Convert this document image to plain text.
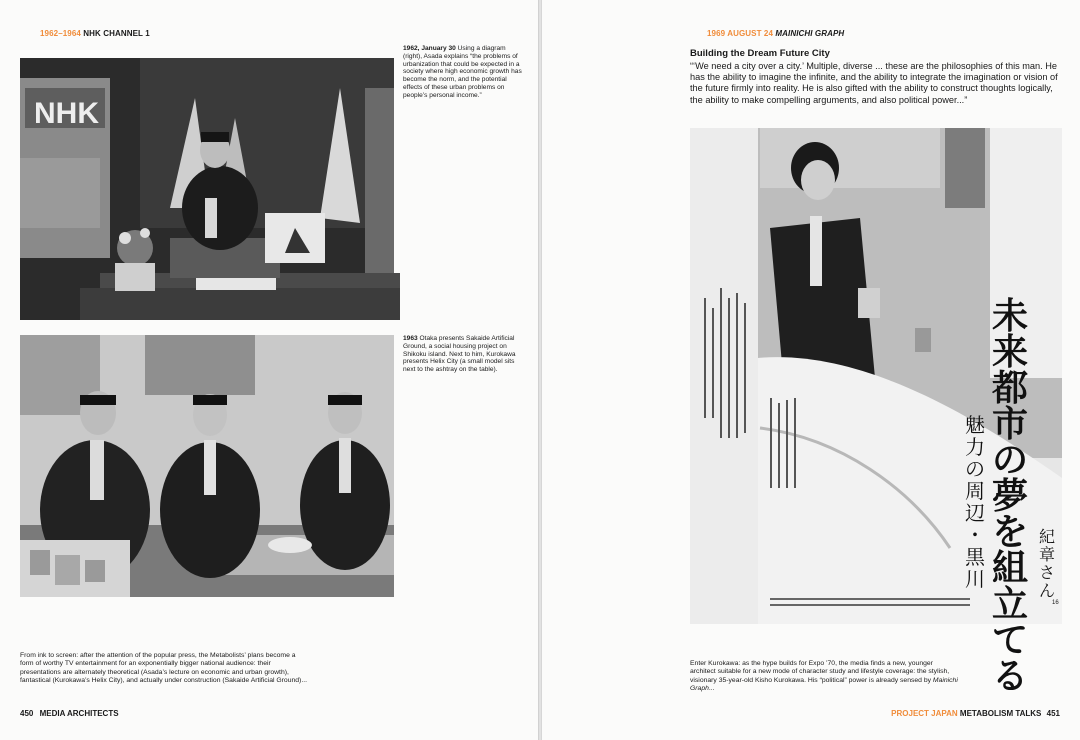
1962–1964 NHK CHANNEL 1
NHK
1962, January 30 Using a diagram (right), Asada explains “the problems of urbanization that could be expected in a society where high economic growth has become the norm, and the potential effects of these urban problems on people’s personal income.”
1963 Otaka presents Sakaide Artificial Ground, a social housing project on Shikoku island. Next to him, Kurokawa presents Helix City (a small model sits next to the ashtray on the table).
From ink to screen: after the attention of the popular press, the Metabolists’ plans become a form of worthy TV entertainment for an exponentially bigger national audience: their presentations are alternately theoretical (Asada’s lecture on economic and urban growth), fantastical (Kurokawa’s Helix City), and actually under construction (Sakaide Artificial Ground)...
450 MEDIA ARCHITECTS
1969 AUGUST 24 MAINICHI GRAPH
Building the Dream Future City
“‘We need a city over a city.’ Multiple, diverse ... these are the philosophies of this man. He has the ability to imagine the infinite, and the ability to integrate the imagination or vision of the future firmly into reality. He is also gifted with the ability to construct thoughts logically, the ability to make compelling arguments, and also political power...”
未
来
都
市
の
夢
を
組
立
て
る
魅
力
の
周
辺
・
黒
川
紀
章
さ
ん
16
Enter Kurokawa: as the hype builds for Expo ’70, the media finds a new, younger architect suitable for a new mode of character study and lifestyle coverage: the stylish, visionary 35-year-old Kisho Kurokawa. His “political” power is already sensed by Mainichi Graph...
PROJECT JAPAN METABOLISM TALKS 451
